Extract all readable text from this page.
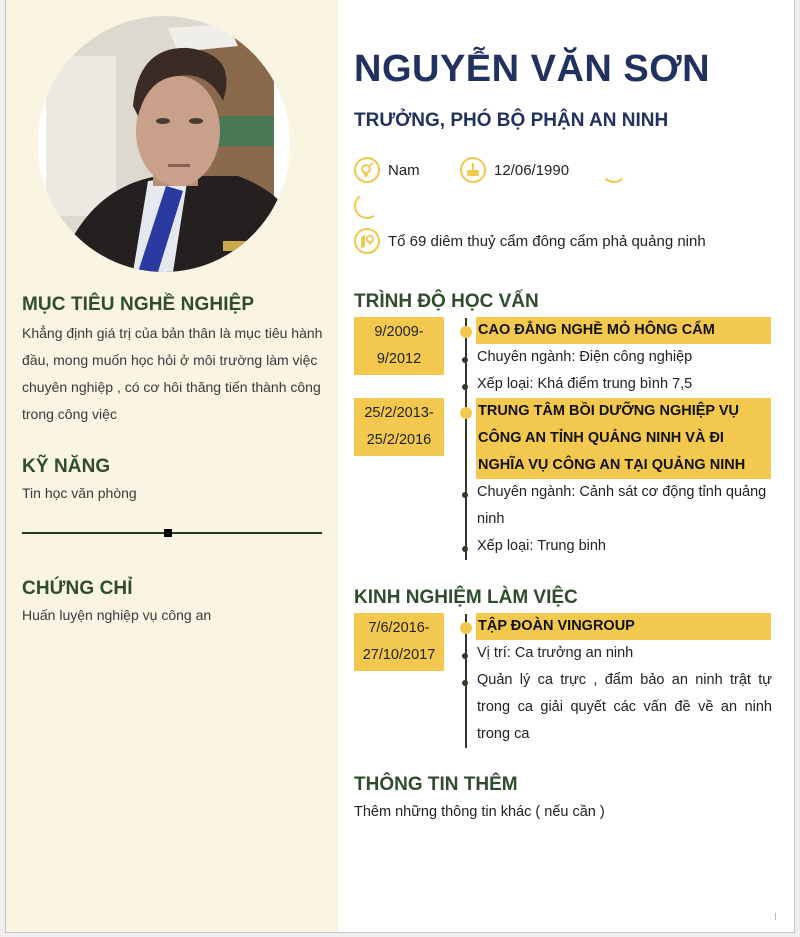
MỤC TIÊU NGHỀ NGHIỆP
Khẳng định giá trị của bản thân là mục tiêu hành đầu, mong muốn học hỏi ở môi trường làm việc chuyên nghiệp , có cơ hôi thăng tiến thành công trong công việc
KỸ NĂNG
Tin học văn phòng
CHỨNG CHỈ
Huấn luyện nghiệp vụ công an
NGUYỄN VĂN SƠN
TRƯỞNG, PHÓ BỘ PHẬN AN NINH
Nam	12/06/1990
Tổ 69 diêm thuỷ cẩm đông cẩm phả quảng ninh
TRÌNH ĐỘ HỌC VẤN
9/2009-
9/2012
CAO ĐẲNG NGHỀ MỎ HÔNG CẨM
Chuyên ngành: Điện công nghiệp
Xếp loại: Khá điểm trung bình 7,5
25/2/2013-
25/2/2016
TRUNG TÂM BỒI DƯỠNG NGHIỆP VỤ CÔNG AN TỈNH QUẢNG NINH VÀ ĐI NGHĨA VỤ CÔNG AN TẠI QUẢNG NINH
Chuyên ngành: Cảnh sát cơ động tỉnh quảng ninh
Xếp loại: Trung binh
KINH NGHIỆM LÀM VIỆC
7/6/2016-
27/10/2017
TẬP ĐOÀN VINGROUP
Vị trí: Ca trưởng an ninh
Quản lý ca trực , đẩm bảo an ninh trật tự trong ca giải quyết các vấn đề về an ninh trong ca
THÔNG TIN THÊM
Thêm những thông tin khác ( nếu cần )
